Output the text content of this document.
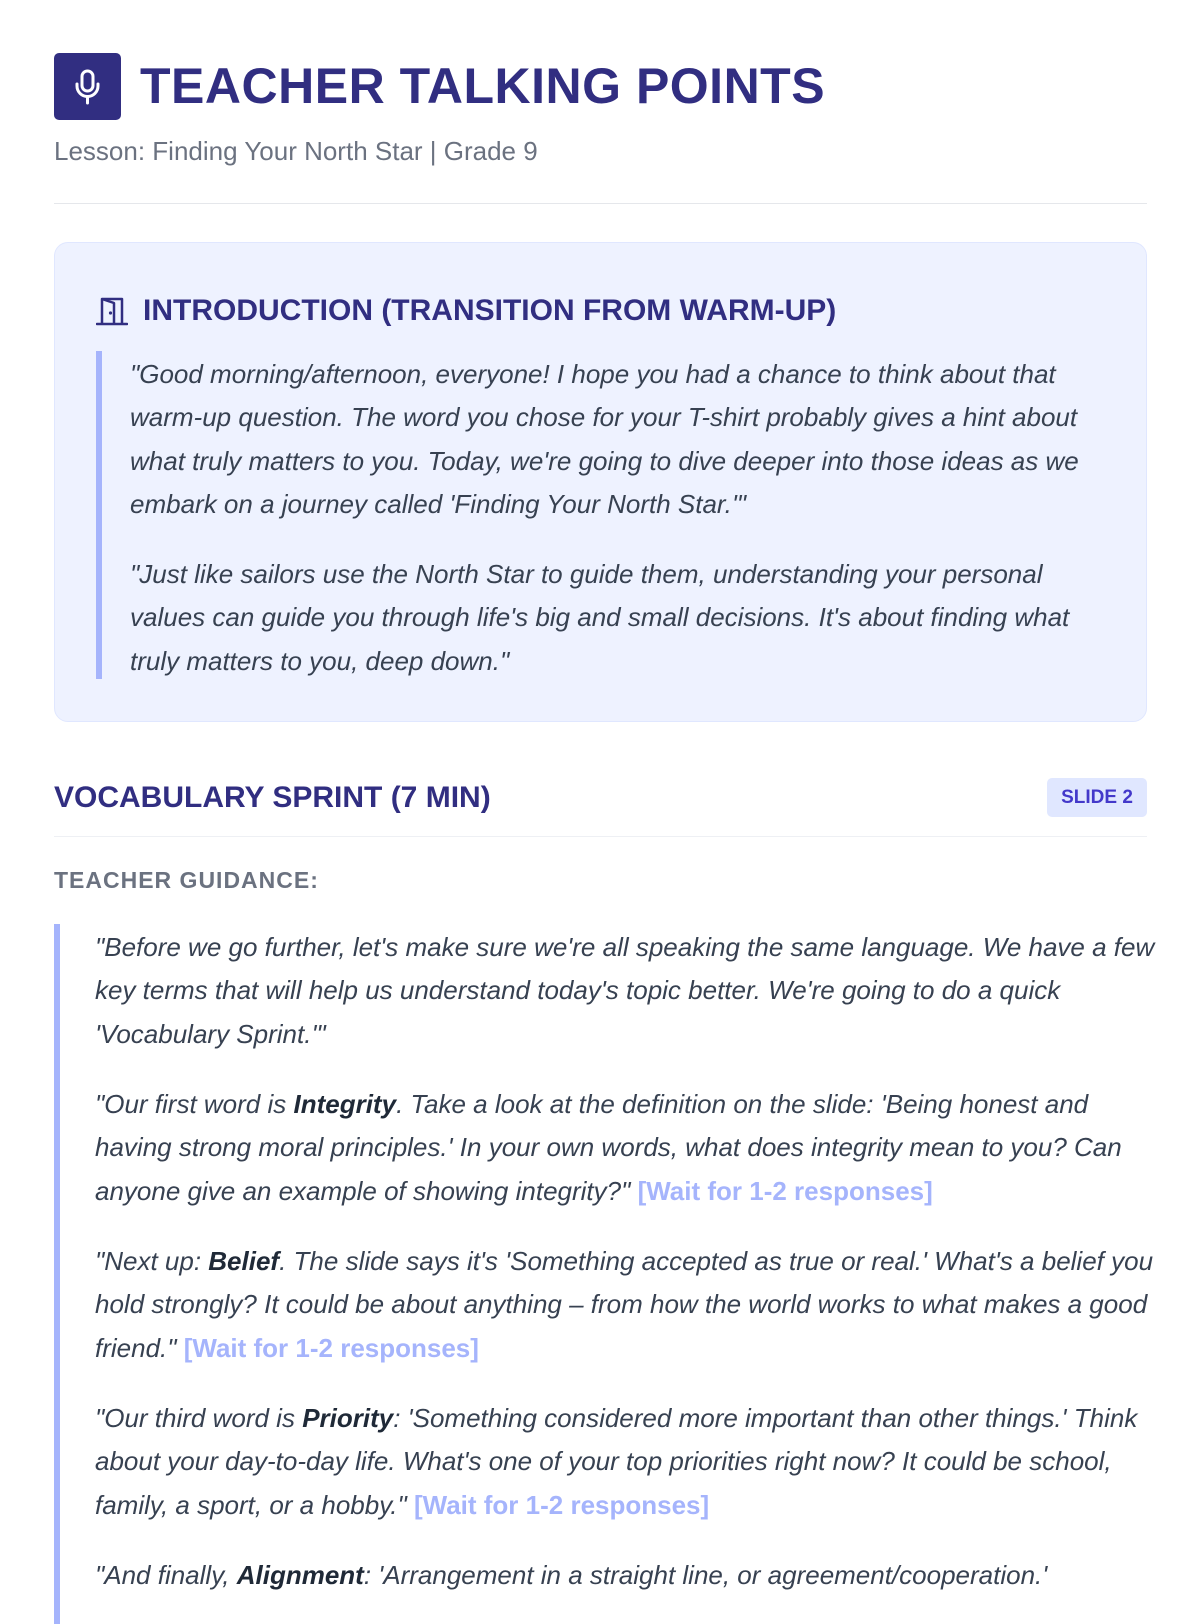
TEACHER TALKING POINTS
Lesson: Finding Your North Star | Grade 9
INTRODUCTION (TRANSITION FROM WARM-UP)

"Good morning/afternoon, everyone! I hope you had a chance to think about that warm-up question. The word you chose for your T-shirt probably gives a hint about what truly matters to you. Today, we're going to dive deeper into those ideas as we embark on a journey called 'Finding Your North Star.'"

"Just like sailors use the North Star to guide them, understanding your personal values can guide you through life's big and small decisions. It's about finding what truly matters to you, deep down."

VOCABULARY SPRINT (7 MIN)	SLIDE 2
TEACHER GUIDANCE:

"Before we go further, let's make sure we're all speaking the same language. We have a few key terms that will help us understand today's topic better. We're going to do a quick 'Vocabulary Sprint.'"

"Our first word is Integrity. Take a look at the definition on the slide: 'Being honest and having strong moral principles.' In your own words, what does integrity mean to you? Can anyone give an example of showing integrity?" [Wait for 1-2 responses]

"Next up: Belief. The slide says it's 'Something accepted as true or real.' What's a belief you hold strongly? It could be about anything – from how the world works to what makes a good friend." [Wait for 1-2 responses]

"Our third word is Priority: 'Something considered more important than other things.' Think about your day-to-day life. What's one of your top priorities right now? It could be school, family, a sport, or a hobby." [Wait for 1-2 responses]

"And finally, Alignment: 'Arrangement in a straight line, or agreement/cooperation.'
